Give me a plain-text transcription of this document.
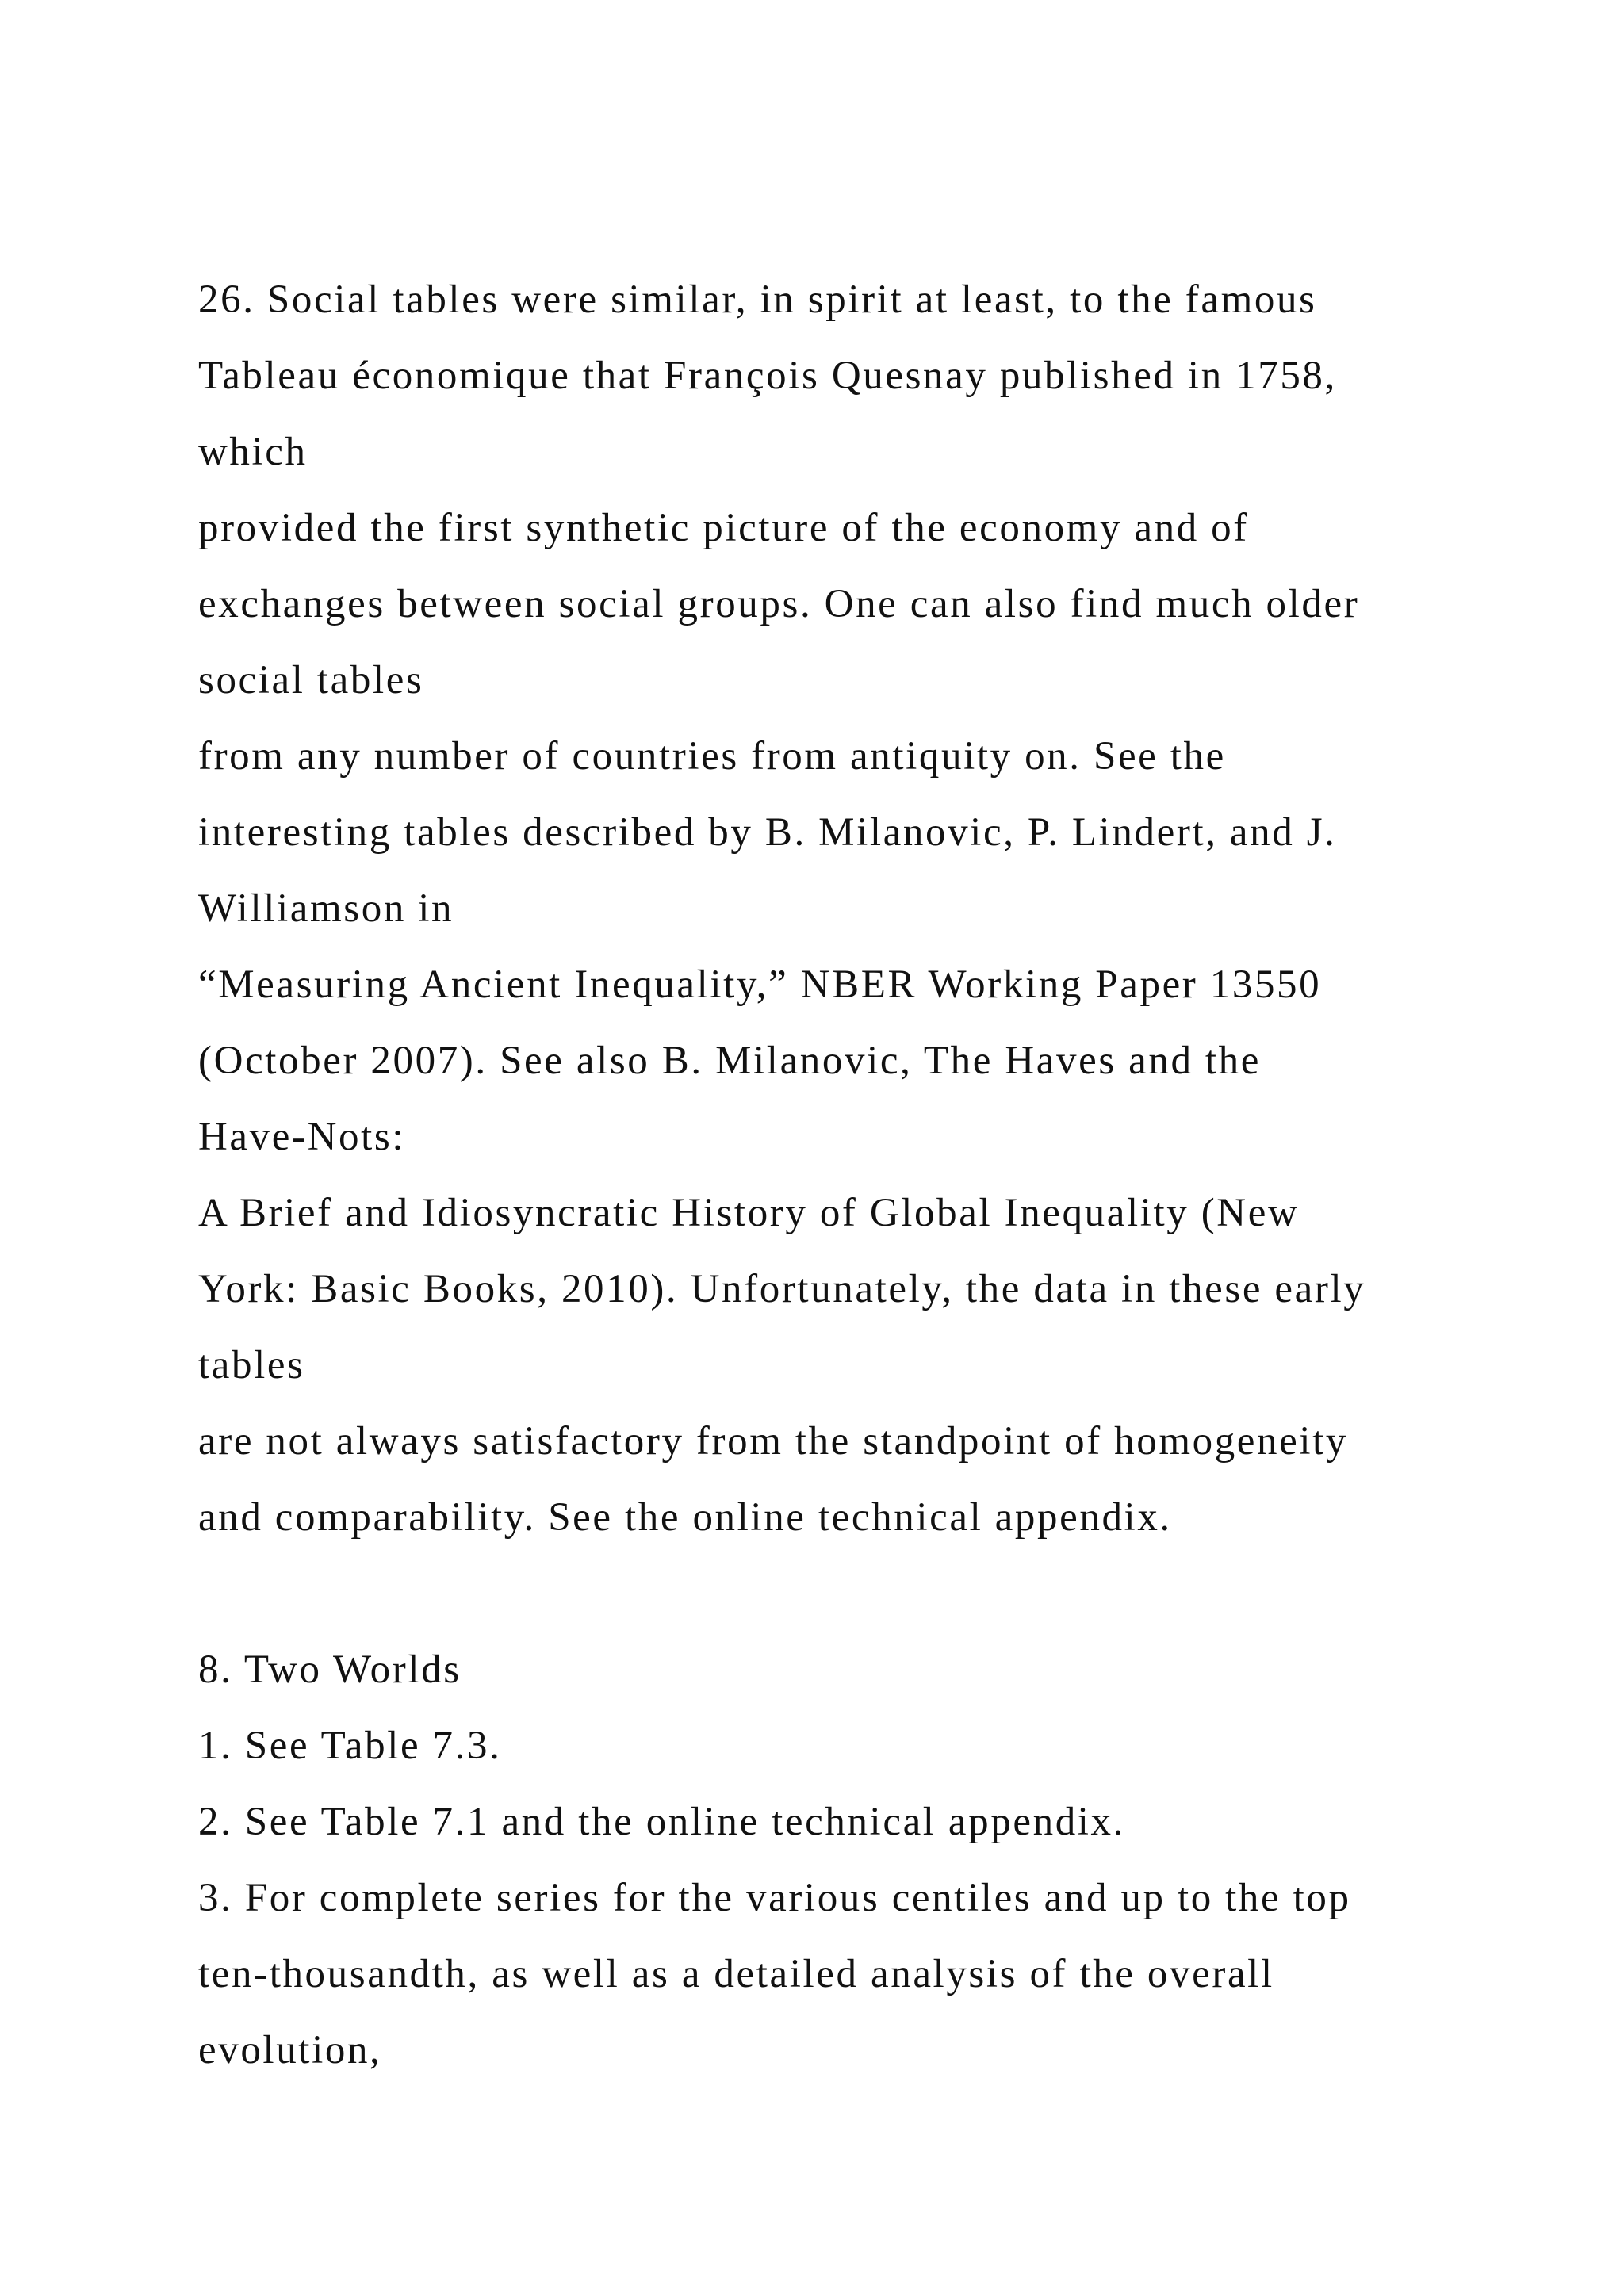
26. Social tables were similar, in spirit at least, to the famous
Tableau économique that François Quesnay published in 1758,
which
provided the first synthetic picture of the economy and of
exchanges between social groups. One can also find much older
social tables
from any number of countries from antiquity on. See the
interesting tables described by B. Milanovic, P. Lindert, and J.
Williamson in
“Measuring Ancient Inequality,” NBER Working Paper 13550
(October 2007). See also B. Milanovic, The Haves and the
Have-Nots:
A Brief and Idiosyncratic History of Global Inequality (New
York: Basic Books, 2010). Unfortunately, the data in these early
tables
are not always satisfactory from the standpoint of homogeneity
and comparability. See the online technical appendix.
8. Two Worlds
1. See Table 7.3.
2. See Table 7.1 and the online technical appendix.
3. For complete series for the various centiles and up to the top
ten-thousandth, as well as a detailed analysis of the overall
evolution,
